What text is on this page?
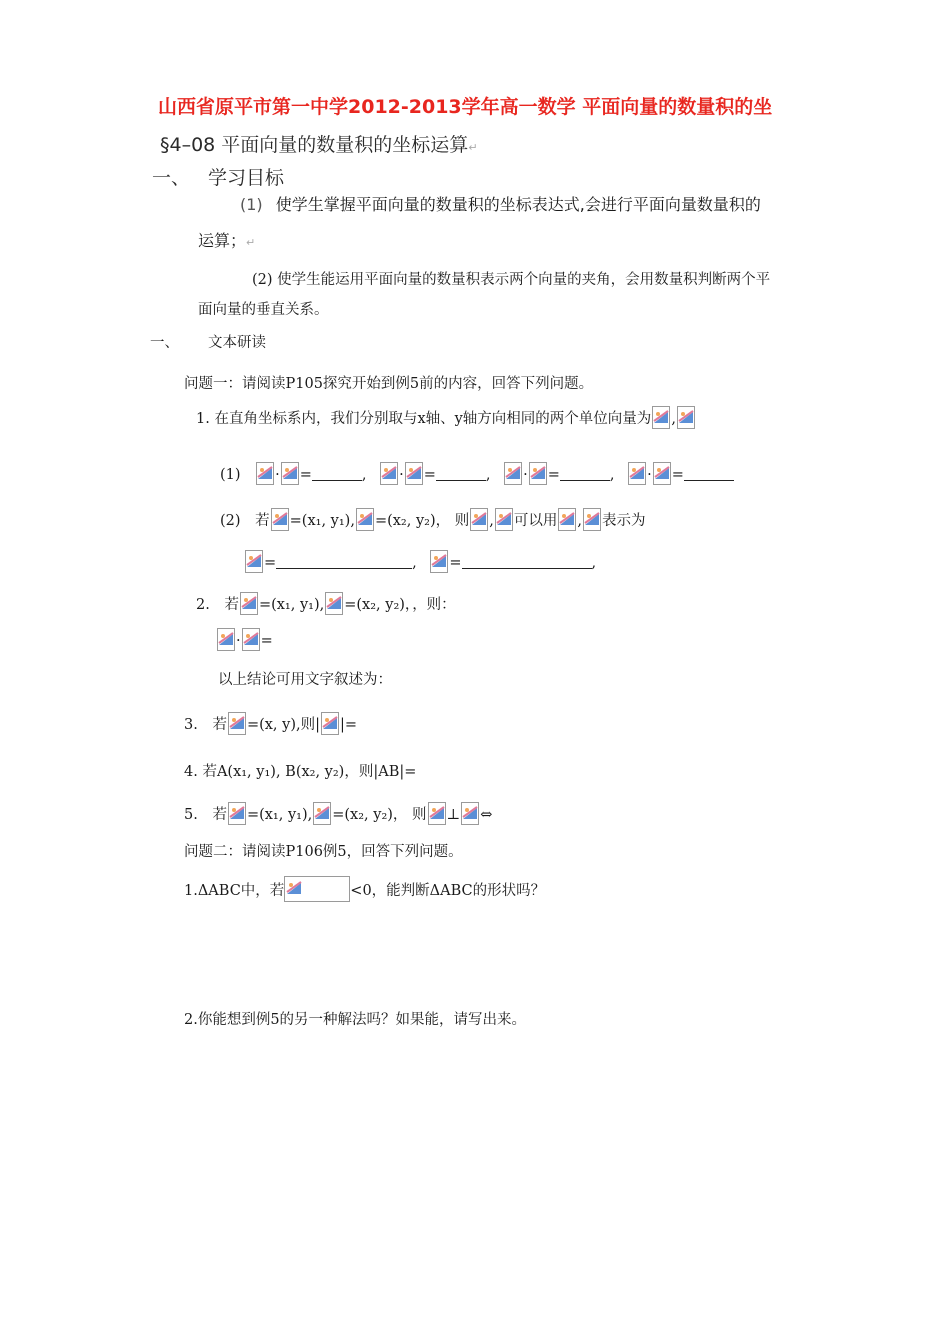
山西省原平市第一中学2012-2013学年高一数学 平面向量的数量积的坐
§4–08 平面向量的数量积的坐标运算↵
一、 学习目标
(1) 使学生掌握平面向量的数量积的坐标表达式,会进行平面向量数量积的
运算；↵
(2) 使学生能运用平面向量的数量积表示两个向量的夹角，会用数量积判断两个平
面向量的垂直关系。
一、 文本研读
问题一：请阅读P105探究开始到例5前的内容，回答下列问题。
1. 在直角坐标系内，我们分别取与x轴、y轴方向相同的两个单位向量为 ,
(1) · =	,
· =	,
· =	,
· =
(2) 若 =(x₁, y₁), =(x₂, y₂)， 则 , 可以用 , 表示为
=	,
=	,
2. 若 =(x₁, y₁), =(x₂, y₂)，，则：
· =
以上结论可用文字叙述为：
3. 若 =(x, y),则| |=
4. 若A(x₁, y₁), B(x₂, y₂)，则|AB|=
5. 若 =(x₁, y₁), =(x₂, y₂)， 则 ⊥ ⇔
问题二：请阅读P106例5，回答下列问题。
1.ΔABC中，若	<0，能判断ΔABC的形状吗？
2.你能想到例5的另一种解法吗？如果能，请写出来。
